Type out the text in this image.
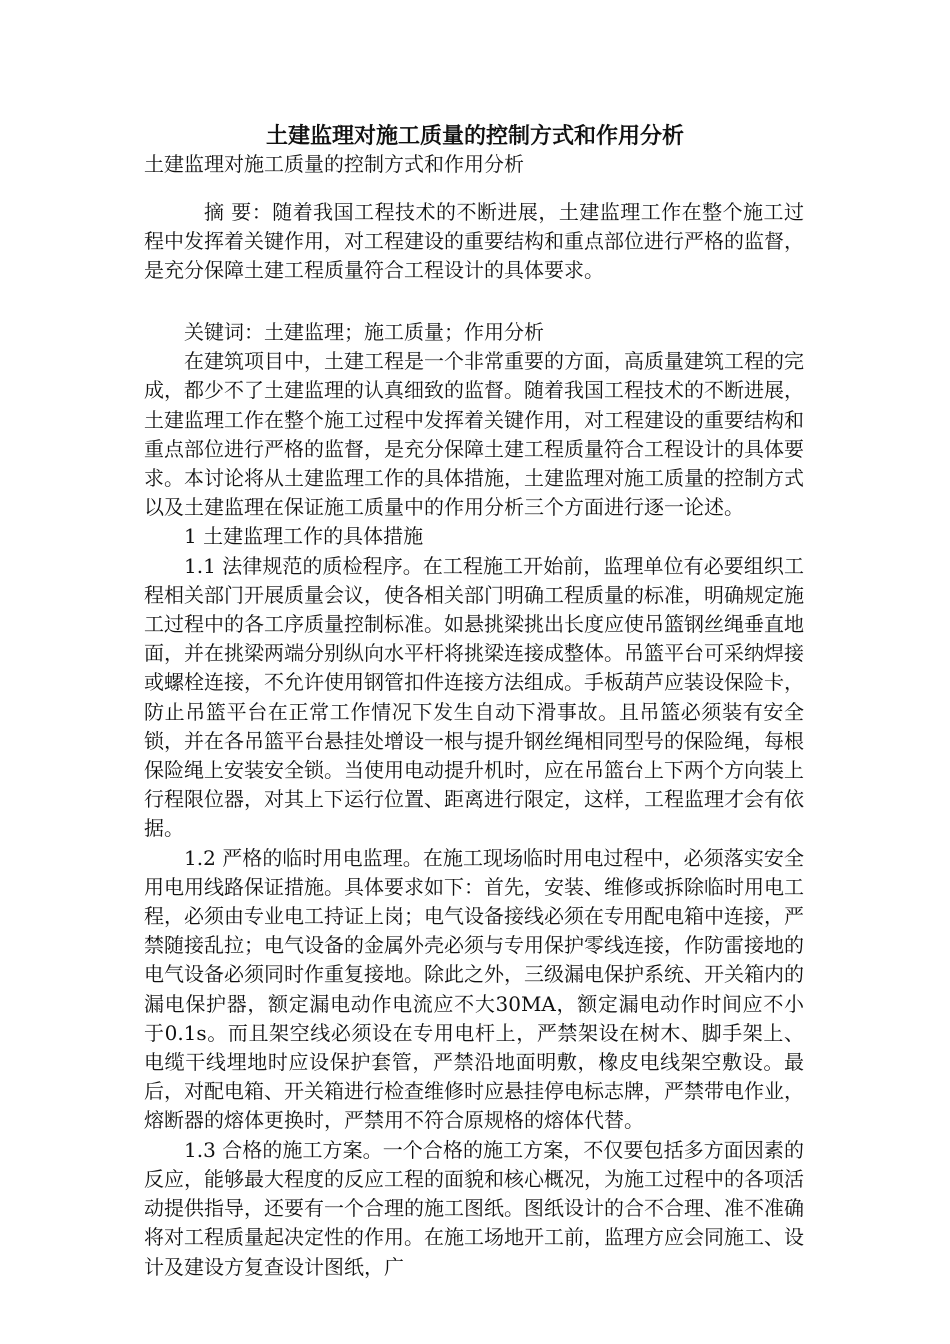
土建监理对施工质量的控制方式和作用分析
土建监理对施工质量的控制方式和作用分析

摘 要：随着我国工程技术的不断进展，土建监理工作在整个施工过程中发挥着关键作用，对工程建设的重要结构和重点部位进行严格的监督，是充分保障土建工程质量符合工程设计的具体要求。

关键词：土建监理；施工质量；作用分析

在建筑项目中，土建工程是一个非常重要的方面，高质量建筑工程的完成，都少不了土建监理的认真细致的监督。随着我国工程技术的不断进展，土建监理工作在整个施工过程中发挥着关键作用，对工程建设的重要结构和重点部位进行严格的监督，是充分保障土建工程质量符合工程设计的具体要求。本讨论将从土建监理工作的具体措施，土建监理对施工质量的控制方式以及土建监理在保证施工质量中的作用分析三个方面进行逐一论述。

1 土建监理工作的具体措施

1.1 法律规范的质检程序。在工程施工开始前，监理单位有必要组织工程相关部门开展质量会议，使各相关部门明确工程质量的标准，明确规定施工过程中的各工序质量控制标准。如悬挑梁挑出长度应使吊篮钢丝绳垂直地面，并在挑梁两端分别纵向水平杆将挑梁连接成整体。吊篮平台可采纳焊接或螺栓连接，不允许使用钢管扣件连接方法组成。手板葫芦应装设保险卡，防止吊篮平台在正常工作情况下发生自动下滑事故。且吊篮必须装有安全锁，并在各吊篮平台悬挂处增设一根与提升钢丝绳相同型号的保险绳，每根保险绳上安装安全锁。当使用电动提升机时，应在吊篮台上下两个方向装上行程限位器，对其上下运行位置、距离进行限定，这样，工程监理才会有依据。

1.2 严格的临时用电监理。在施工现场临时用电过程中，必须落实安全用电用线路保证措施。具体要求如下：首先，安装、维修或拆除临时用电工程，必须由专业电工持证上岗；电气设备接线必须在专用配电箱中连接，严禁随接乱拉；电气设备的金属外壳必须与专用保护零线连接，作防雷接地的电气设备必须同时作重复接地。除此之外，三级漏电保护系统、开关箱内的漏电保护器，额定漏电动作电流应不大30MA，额定漏电动作时间应不小于0.1s。而且架空线必须设在专用电杆上，严禁架设在树木、脚手架上、电缆干线埋地时应设保护套管，严禁沿地面明敷，橡皮电线架空敷设。最后，对配电箱、开关箱进行检查维修时应悬挂停电标志牌，严禁带电作业，熔断器的熔体更换时，严禁用不符合原规格的熔体代替。

1.3 合格的施工方案。一个合格的施工方案，不仅要包括多方面因素的反应，能够最大程度的反应工程的面貌和核心概况，为施工过程中的各项活动提供指导，还要有一个合理的施工图纸。图纸设计的合不合理、准不准确将对工程质量起决定性的作用。在施工场地开工前，监理方应会同施工、设计及建设方复查设计图纸，广
